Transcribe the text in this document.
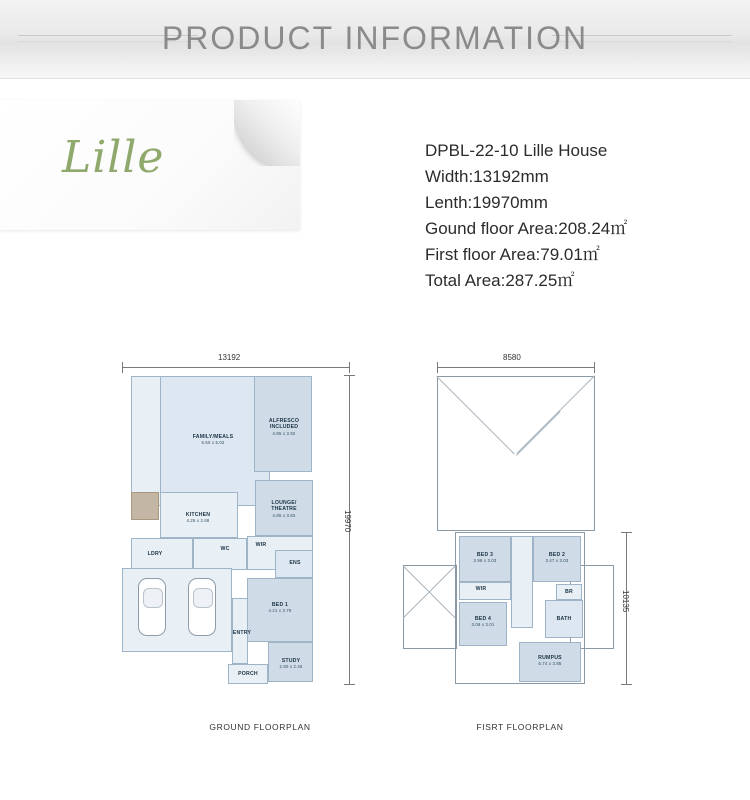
PRODUCT INFORMATION
Lille	DPBL-22-10 Lille House
Width:13192mm
Lenth:19970mm
Gound floor Area:208.24㎡
First floor Area:79.01㎡
Total Area:287.25㎡
13192
19970
FAMILY/MEALS
6.50 x 5.02
ALFRESCO INCLUDED
4.85 x 3.92
KITCHEN
4.25 x 2.68
LOUNGE/ THEATRE
4.85 x 3.83
LDRY
WC
WIR
ENS
BED 1
4.21 x 3.79
ENTRY
STUDY
2.80 x 2.45
PORCH
GROUND FLOORPLAN
8580
10135
BED 3
3.98 x 3.03
BED 2
3.47 x 3.03
WIR
BED 4
3.06 x 3.01
BR
BATH
RUMPUS
5.74 x 3.85
FISRT FLOORPLAN
